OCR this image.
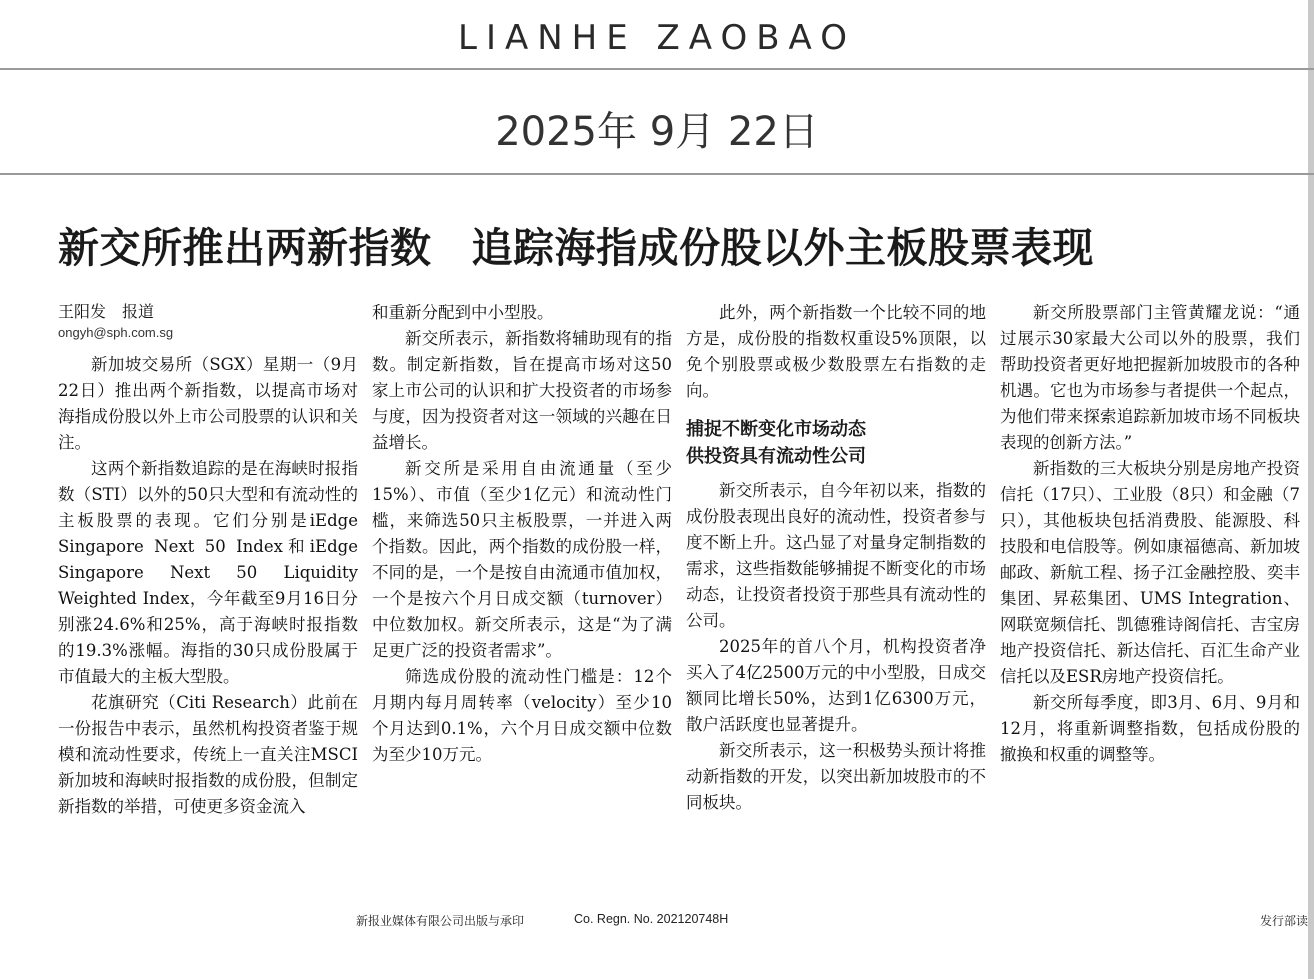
LIANHE ZAOBAO
2025年 9月 22日
新交所推出两新指数 追踪海指成份股以外主板股票表现
王阳发　报道
ongyh@sph.com.sg

新加坡交易所（SGX）星期一（9月22日）推出两个新指数，以提高市场对海指成份股以外上市公司股票的认识和关注。

这两个新指数追踪的是在海峡时报指数（STI）以外的50只大型和有流动性的主板股票的表现。它们分别是iEdge Singapore Next 50 Index和iEdge Singapore Next 50 Liquidity Weighted Index，今年截至9月16日分别涨24.6%和25%，高于海峡时报指数的19.3%涨幅。海指的30只成份股属于市值最大的主板大型股。

花旗研究（Citi Research）此前在一份报告中表示，虽然机构投资者鉴于规模和流动性要求，传统上一直关注MSCI新加坡和海峡时报指数的成份股，但制定新指数的举措，可使更多资金流入

和重新分配到中小型股。

新交所表示，新指数将辅助现有的指数。制定新指数，旨在提高市场对这50家上市公司的认识和扩大投资者的市场参与度，因为投资者对这一领域的兴趣在日益增长。

新交所是采用自由流通量（至少15%）、市值（至少1亿元）和流动性门槛，来筛选50只主板股票，一并进入两个指数。因此，两个指数的成份股一样，不同的是，一个是按自由流通市值加权，一个是按六个月日成交额（turnover）中位数加权。新交所表示，这是“为了满足更广泛的投资者需求”。

筛选成份股的流动性门槛是：12个月期内每月周转率（velocity）至少10个月达到0.1%，六个月日成交额中位数为至少10万元。

此外，两个新指数一个比较不同的地方是，成份股的指数权重设5%顶限，以免个别股票或极少数股票左右指数的走向。

捕捉不断变化市场动态
供投资具有流动性公司

新交所表示，自今年初以来，指数的成份股表现出良好的流动性，投资者参与度不断上升。这凸显了对量身定制指数的需求，这些指数能够捕捉不断变化的市场动态，让投资者投资于那些具有流动性的公司。

2025年的首八个月，机构投资者净买入了4亿2500万元的中小型股，日成交额同比增长50%，达到1亿6300万元，散户活跃度也显著提升。

新交所表示，这一积极势头预计将推动新指数的开发，以突出新加坡股市的不同板块。

新交所股票部门主管黄耀龙说：“通过展示30家最大公司以外的股票，我们帮助投资者更好地把握新加坡股市的各种机遇。它也为市场参与者提供一个起点，为他们带来探索追踪新加坡市场不同板块表现的创新方法。”

新指数的三大板块分别是房地产投资信托（17只）、工业股（8只）和金融（7只），其他板块包括消费股、能源股、科技股和电信股等。例如康福德高、新加坡邮政、新航工程、扬子江金融控股、奕丰集团、昇菘集团、UMS Integration、网联宽频信托、凯德雅诗阁信托、吉宝房地产投资信托、新达信托、百汇生命产业信托以及ESR房地产投资信托。

新交所每季度，即3月、6月、9月和12月，将重新调整指数，包括成份股的撤换和权重的调整等。

新报业媒体有限公司出版与承印	Co. Regn. No. 202120748H	发行部读
